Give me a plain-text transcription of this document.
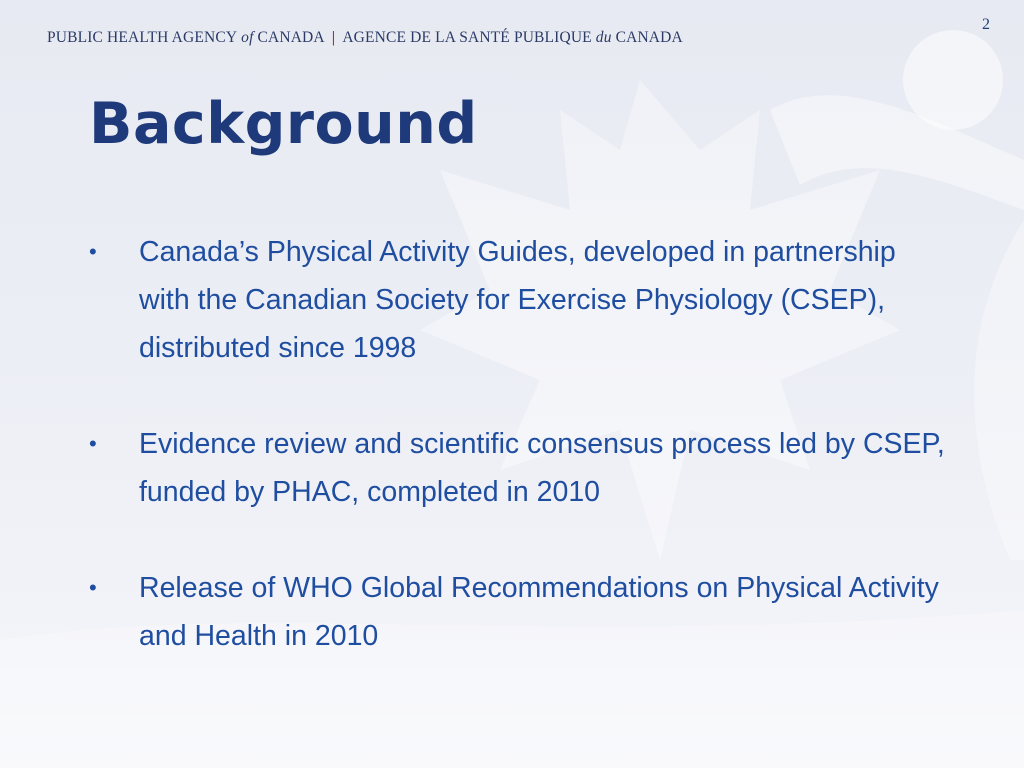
PUBLIC HEALTH AGENCY of CANADA | AGENCE DE LA SANTÉ PUBLIQUE du CANADA
2
Background
•	Canada’s Physical Activity Guides, developed in partnership with the Canadian Society for Exercise Physiology (CSEP), distributed since 1998
•	Evidence review and scientific consensus process led by CSEP, funded by PHAC, completed in 2010
•	Release of WHO Global Recommendations on Physical Activity and Health in 2010
